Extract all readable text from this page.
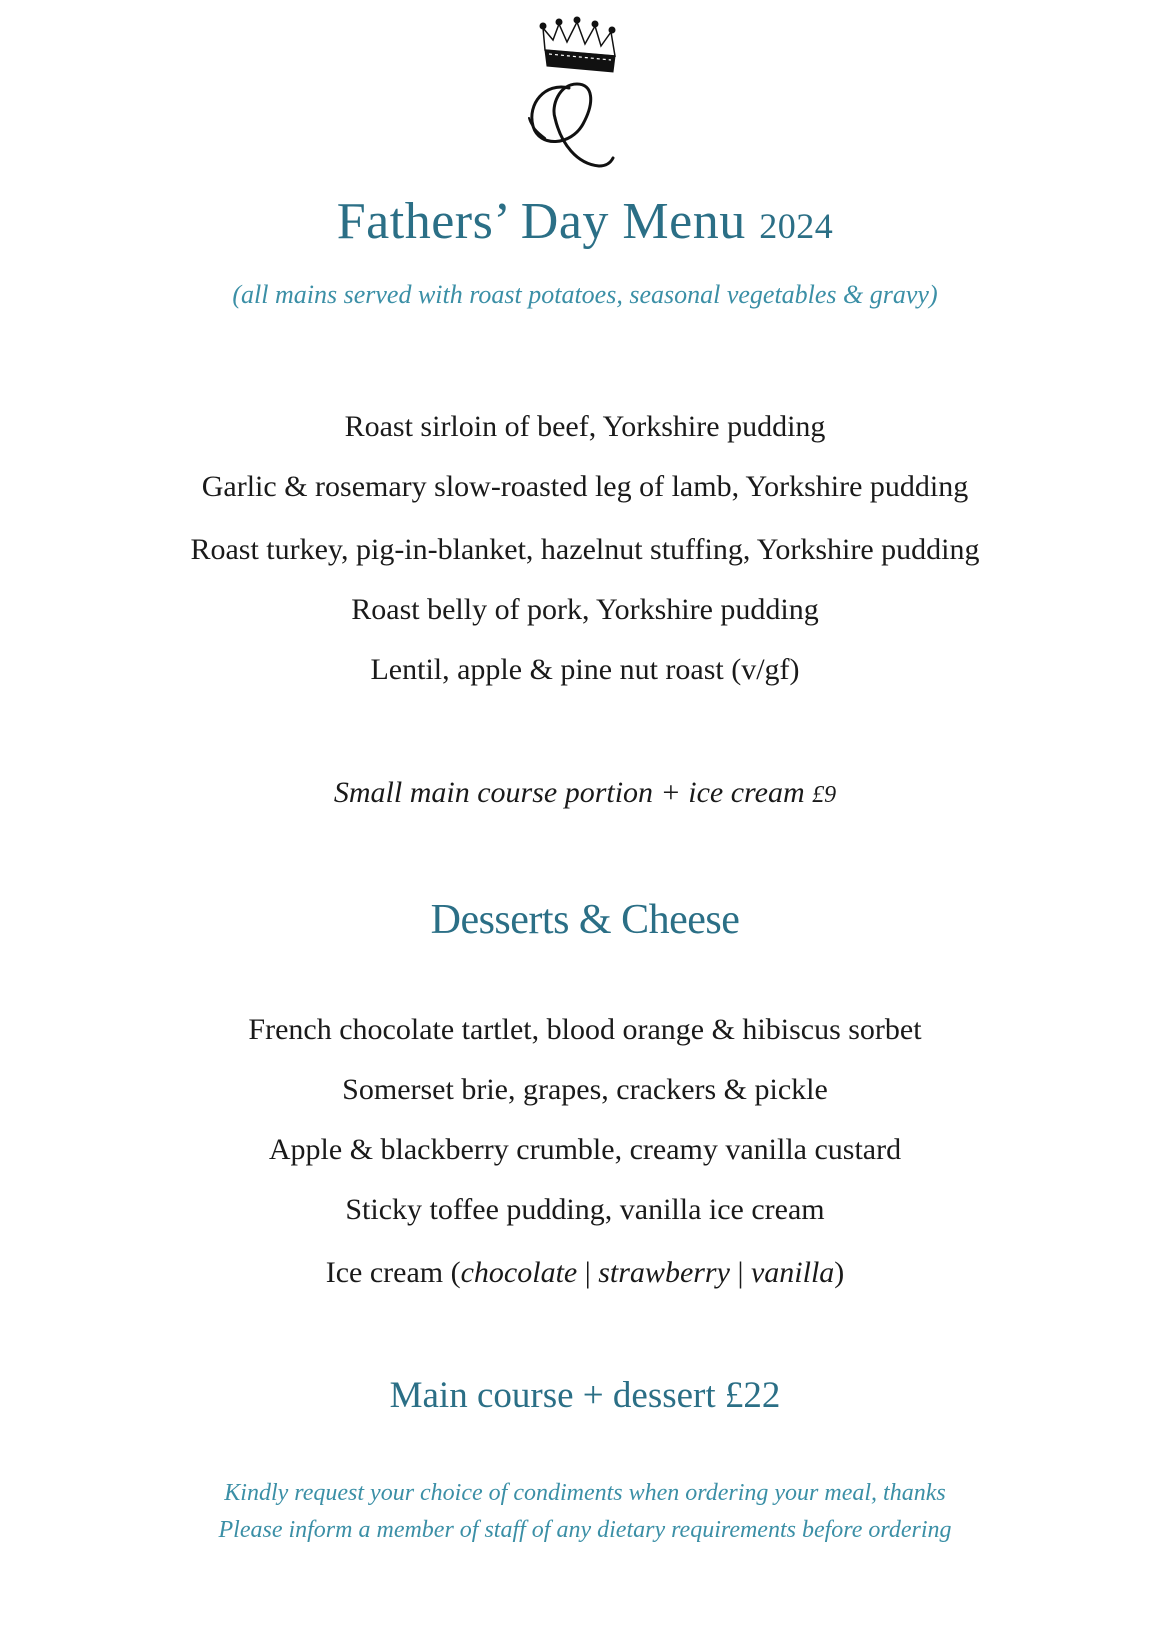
Fathers’ Day Menu 2024
(all mains served with roast potatoes, seasonal vegetables & gravy)
Roast sirloin of beef, Yorkshire pudding
Garlic & rosemary slow-roasted leg of lamb, Yorkshire pudding
Roast turkey, pig-in-blanket, hazelnut stuffing, Yorkshire pudding
Roast belly of pork, Yorkshire pudding
Lentil, apple & pine nut roast (v/gf)
Small main course portion + ice cream £9
Desserts & Cheese
French chocolate tartlet, blood orange & hibiscus sorbet
Somerset brie, grapes, crackers & pickle
Apple & blackberry crumble, creamy vanilla custard
Sticky toffee pudding, vanilla ice cream
Ice cream (chocolate | strawberry | vanilla)
Main course + dessert £22
Kindly request your choice of condiments when ordering your meal, thanks
Please inform a member of staff of any dietary requirements before ordering
